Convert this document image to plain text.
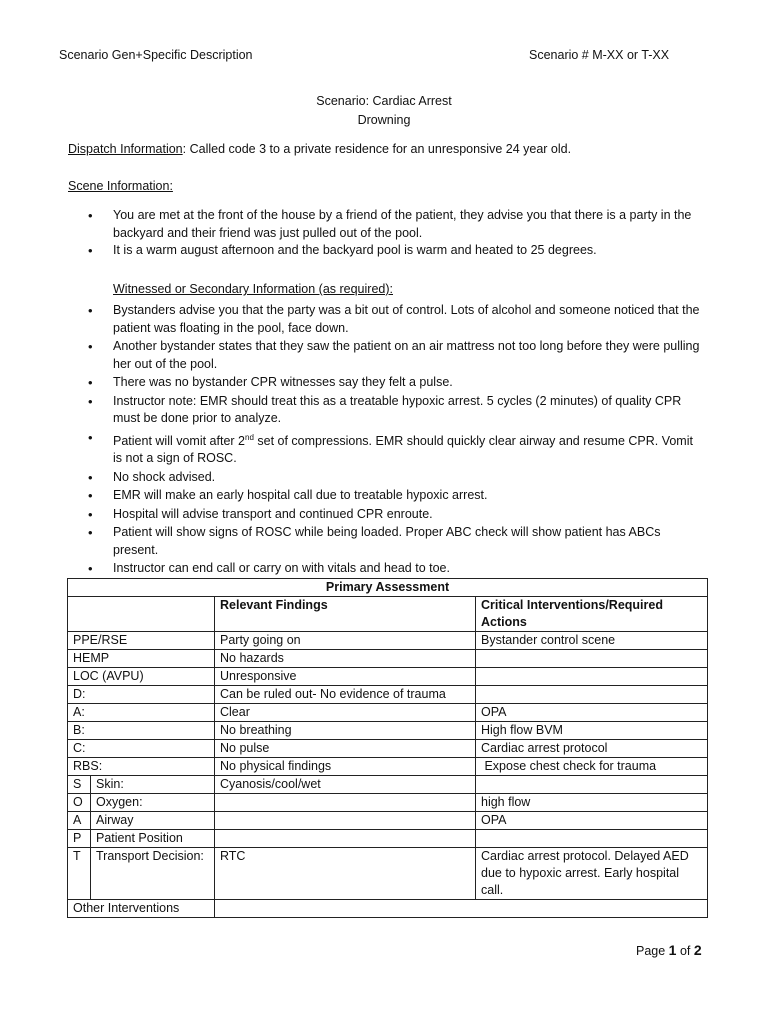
Scenario Gen+Specific Description	Scenario # M-XX or T-XX
Scenario: Cardiac Arrest
Drowning
Dispatch Information: Called code 3 to a private residence for an unresponsive 24 year old.
Scene Information:
• You are met at the front of the house by a friend of the patient, they advise you that there is a party in the backyard and their friend was just pulled out of the pool.
• It is a warm august afternoon and the backyard pool is warm and heated to 25 degrees.
Witnessed or Secondary Information (as required):
• Bystanders advise you that the party was a bit out of control. Lots of alcohol and someone noticed that the patient was floating in the pool, face down.
• Another bystander states that they saw the patient on an air mattress not too long before they were pulling her out of the pool.
• There was no bystander CPR witnesses say they felt a pulse.
• Instructor note: EMR should treat this as a treatable hypoxic arrest. 5 cycles (2 minutes) of quality CPR must be done prior to analyze.
• Patient will vomit after 2nd set of compressions. EMR should quickly clear airway and resume CPR. Vomit is not a sign of ROSC.
• No shock advised.
• EMR will make an early hospital call due to treatable hypoxic arrest.
• Hospital will advise transport and continued CPR enroute.
• Patient will show signs of ROSC while being loaded. Proper ABC check will show patient has ABCs present.
• Instructor can end call or carry on with vitals and head to toe.
Primary Assessment			
		Relevant Findings	Critical Interventions/Required Actions
PPE/RSE		Party going on	Bystander control scene
HEMP		No hazards	
LOC (AVPU)		Unresponsive	
D:		Can be ruled out- No evidence of trauma	
A:		Clear	OPA
B:		No breathing	High flow BVM
C:		No pulse	Cardiac arrest protocol
RBS:		No physical findings	Expose chest check for trauma
S	Skin:	Cyanosis/cool/wet	
O	Oxygen:		high flow
A	Airway		OPA
P	Patient Position		
T	Transport Decision:	RTC	Cardiac arrest protocol. Delayed AED due to hypoxic arrest. Early hospital call.
Other Interventions			
Page 1 of 2
